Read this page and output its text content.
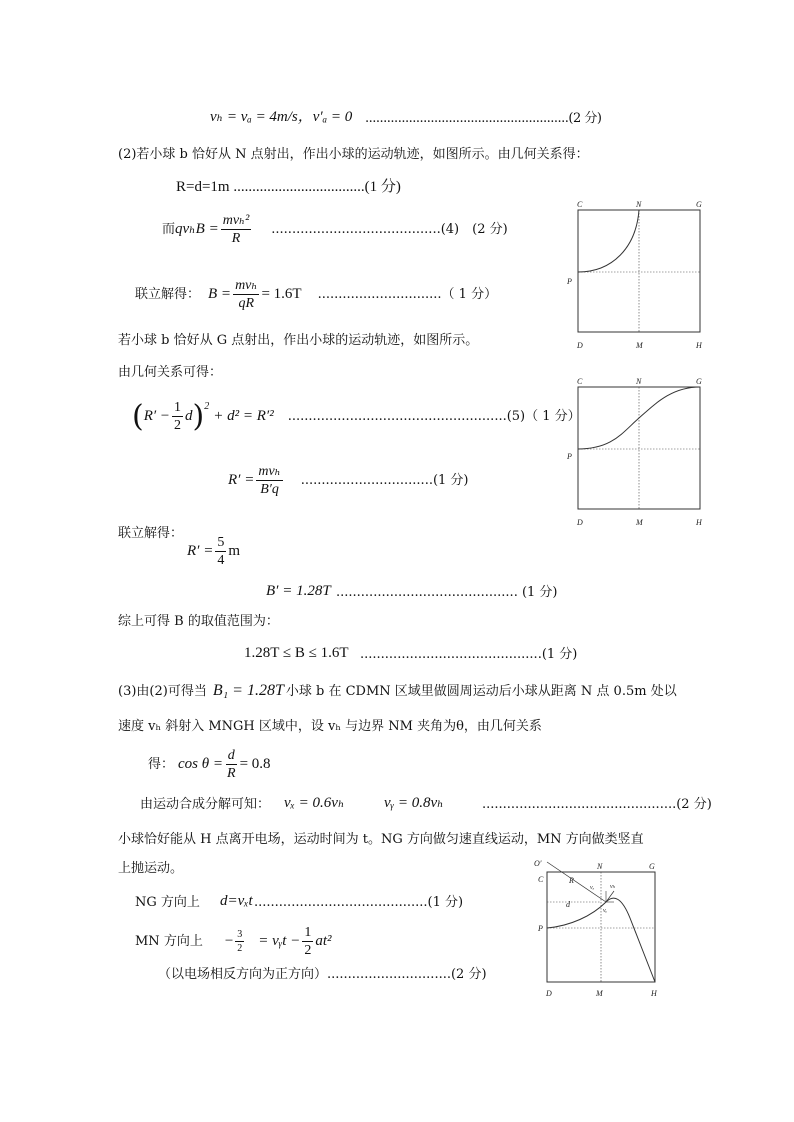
vₕ = vₐ = 4m/s，v′ₐ = 0 ........................................................(2 分)
(2)若小球 b 恰好从 N 点射出，作出小球的运动轨迹，如图所示。由几何关系得：
R=d=1m ...................................(1 分)
而 $qv_hB = \frac{\text{mvₕ²}}{R} .........................................(4)$　(2 分)
联立解得： $B = \frac{\text{mvₕ}}{qR} = 1.6T$ ..............................（ 1 分）
若小球 b 恰好从 G 点射出，作出小球的运动轨迹，如图所示。
由几何关系可得：
( $R' - \frac{1}{2}$ d ) 2
+ d² = R′² .....................................................(5)（ 1 分）
$R' = \frac{\text{mvₕ}}{B'q} ................................(1$ 分)
联立解得：
$R' = \frac{5}{4}$ m
B′ = 1.28T ............................................ (1 分)
综上可得 B 的取值范围为：
1.28T ≤ B ≤ 1.6T ............................................(1 分)
(3)由(2)可得当 B₁ = 1.28T 小球 b 在 CDMN 区域里做圆周运动后小球从距离 N 点 0.5m 处以
速度 vₕ 斜射入 MNGH 区域中，设 vₕ 与边界 NM 夹角为θ，由几何关系
得： $\cos \theta = \frac{d}{R} = 0.8$
由运动合成分解可知： vₓ = 0.6vₕ	vᵧ = 0.8vₕ	...............................................(2 分)
小球恰好能从 H 点离开电场，运动时间为 t。NG 方向做匀速直线运动，MN 方向做类竖直
上抛运动。
NG 方向上 d=vₓt ..........................................(1 分)
MN 方向上 − $\frac{3}{2}$ = vᵧt − $\frac{1}{2} at^2$
（以电场相反方向为正方向）..............................(2 分)
C	N	G
P
D	M	H
C	N	G
P
D	M	H
O′
C
N	G
P
D	M	H
R
d
vₓ	vₕ
vᵧ
